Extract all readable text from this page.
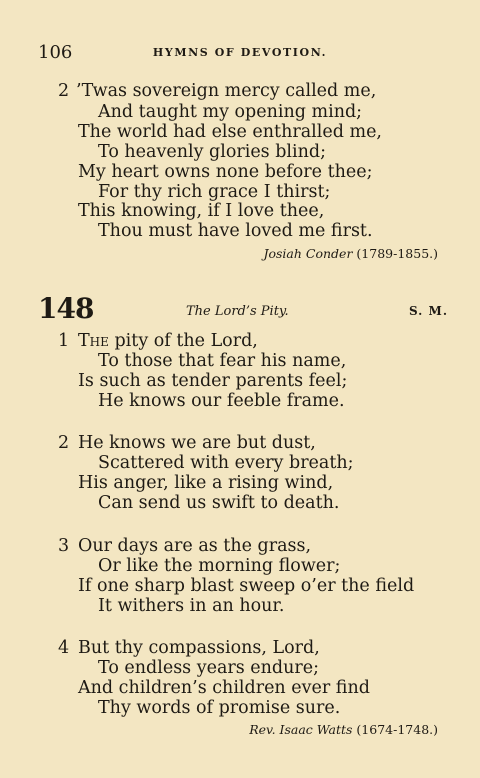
106	HYMNS OF DEVOTION.
2 ’Twas sovereign mercy called me,
And taught my opening mind;
The world had else enthralled me,
To heavenly glories blind;
My heart owns none before thee;
For thy rich grace I thirst;
This knowing, if I love thee,
Thou must have loved me first.
Josiah Conder (1789-1855.)
148	The Lord’s Pity.	S. M.
1 The pity of the Lord,
To those that fear his name,
Is such as tender parents feel;
He knows our feeble frame.
2 He knows we are but dust,
Scattered with every breath;
His anger, like a rising wind,
Can send us swift to death.
3 Our days are as the grass,
Or like the morning flower;
If one sharp blast sweep o’er the field
It withers in an hour.
4 But thy compassions, Lord,
To endless years endure;
And children’s children ever find
Thy words of promise sure.
Rev. Isaac Watts (1674-1748.)
